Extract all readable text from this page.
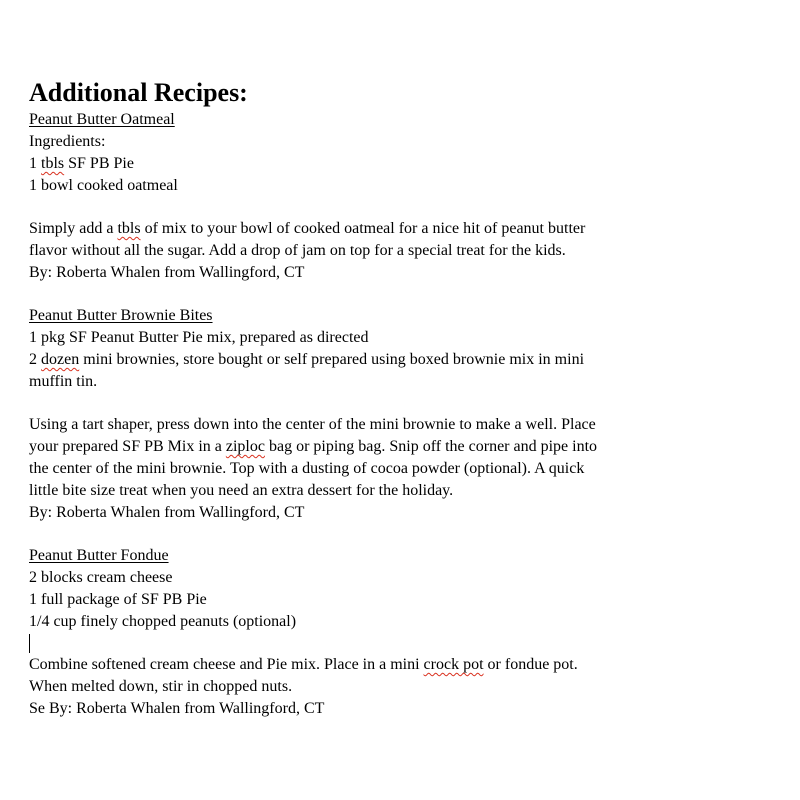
Additional Recipes:
Peanut Butter Oatmeal
Ingredients:
1 tbls SF PB Pie
1 bowl cooked oatmeal
Simply add a tbls of mix to your bowl of cooked oatmeal for a nice hit of peanut butter
flavor without all the sugar. Add a drop of jam on top for a special treat for the kids.
By: Roberta Whalen from Wallingford, CT
Peanut Butter Brownie Bites
1 pkg SF Peanut Butter Pie mix, prepared as directed
2 dozen mini brownies, store bought or self prepared using boxed brownie mix in mini
muffin tin.
Using a tart shaper, press down into the center of the mini brownie to make a well. Place
your prepared SF PB Mix in a ziploc bag or piping bag. Snip off the corner and pipe into
the center of the mini brownie. Top with a dusting of cocoa powder (optional). A quick
little bite size treat when you need an extra dessert for the holiday.
By: Roberta Whalen from Wallingford, CT
Peanut Butter Fondue
2 blocks cream cheese
1 full package of SF PB Pie
1/4 cup finely chopped peanuts (optional)
Combine softened cream cheese and Pie mix. Place in a mini crock pot or fondue pot.
When melted down, stir in chopped nuts.
Se By: Roberta Whalen from Wallingford, CT
